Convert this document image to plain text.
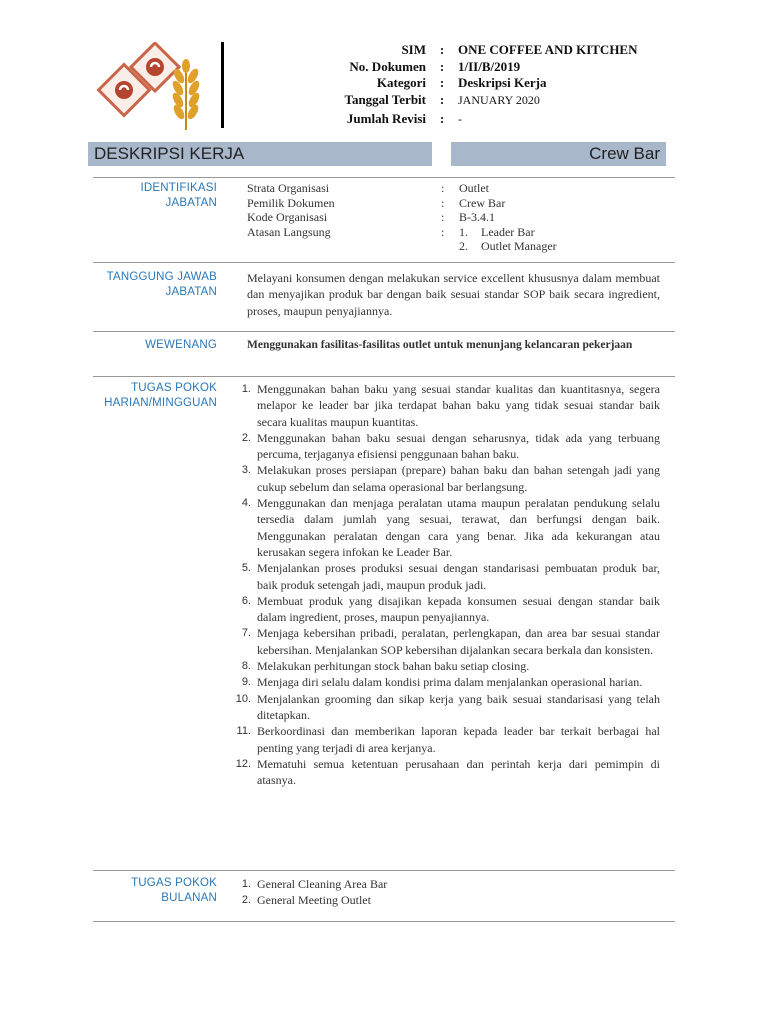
SIM	:	ONE COFFEE AND KITCHEN
No. Dokumen	:	1/II/B/2019
Kategori	:	Deskripsi Kerja
Tanggal Terbit	:	JANUARY 2020
Jumlah Revisi	:	-
DESKRIPSI KERJA	Crew Bar
IDENTIFIKASI
JABATAN
Strata Organisasi	:	Outlet
Pemilik Dokumen	:	Crew Bar
Kode Organisasi	:	B-3.4.1
Atasan Langsung	:	1.	Leader Bar
2.	Outlet Manager
TANGGUNG JAWAB
JABATAN
Melayani konsumen dengan melakukan service excellent khususnya dalam membuat dan menyajikan produk bar dengan baik sesuai standar SOP baik secara ingredient, proses, maupun penyajiannya.
WEWENANG	Menggunakan fasilitas-fasilitas outlet untuk menunjang kelancaran pekerjaan
TUGAS POKOK
HARIAN/MINGGUAN
1. Menggunakan bahan baku yang sesuai standar kualitas dan kuantitasnya, segera melapor ke leader bar jika terdapat bahan baku yang tidak sesuai standar baik secara kualitas maupun kuantitas.
2. Menggunakan bahan baku sesuai dengan seharusnya, tidak ada yang terbuang percuma, terjaganya efisiensi penggunaan bahan baku.
3. Melakukan proses persiapan (prepare) bahan baku dan bahan setengah jadi yang cukup sebelum dan selama operasional bar berlangsung.
4. Menggunakan dan menjaga peralatan utama maupun peralatan pendukung selalu tersedia dalam jumlah yang sesuai, terawat, dan berfungsi dengan baik. Menggunakan peralatan dengan cara yang benar. Jika ada kekurangan atau kerusakan segera infokan ke Leader Bar.
5. Menjalankan proses produksi sesuai dengan standarisasi pembuatan produk bar, baik produk setengah jadi, maupun produk jadi.
6. Membuat produk yang disajikan kepada konsumen sesuai dengan standar baik dalam ingredient, proses, maupun penyajiannya.
7. Menjaga kebersihan pribadi, peralatan, perlengkapan, dan area bar sesuai standar kebersihan. Menjalankan SOP kebersihan dijalankan secara berkala dan konsisten.
8. Melakukan perhitungan stock bahan baku setiap closing.
9. Menjaga diri selalu dalam kondisi prima dalam menjalankan operasional harian.
10. Menjalankan grooming dan sikap kerja yang baik sesuai standarisasi yang telah ditetapkan.
11. Berkoordinasi dan memberikan laporan kepada leader bar terkait berbagai hal penting yang terjadi di area kerjanya.
12. Mematuhi semua ketentuan perusahaan dan perintah kerja dari pemimpin di atasnya.
TUGAS POKOK
BULANAN
1. General Cleaning Area Bar
2. General Meeting Outlet
